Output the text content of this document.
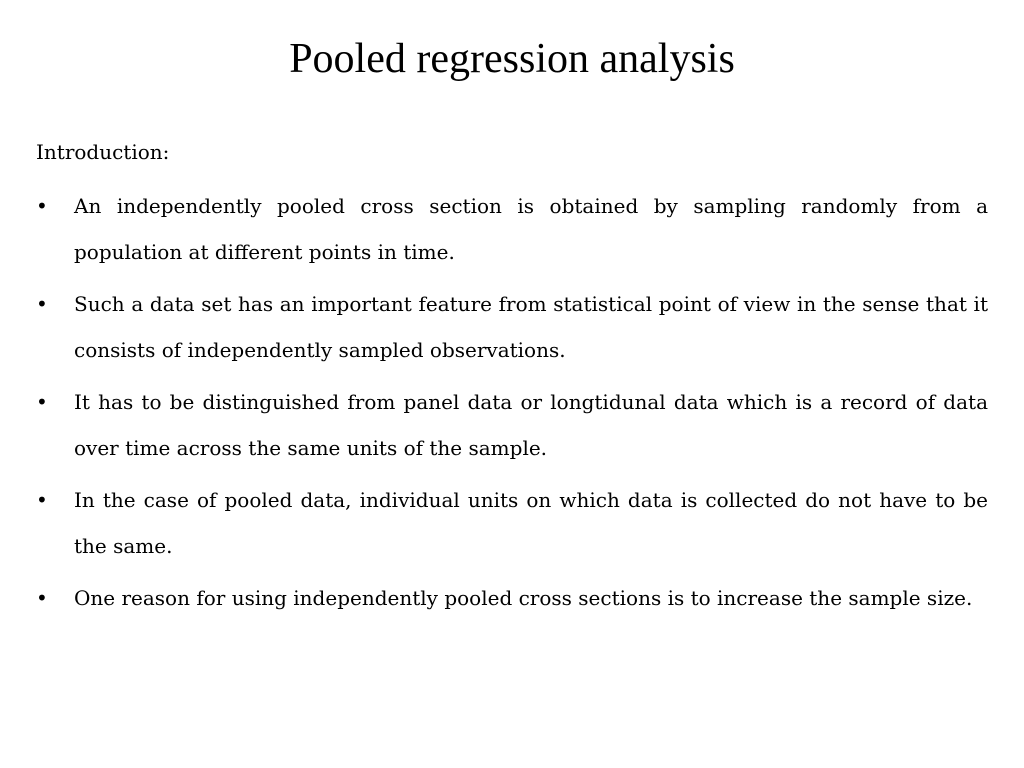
Pooled regression analysis
Introduction:
•	An independently pooled cross section is obtained by sampling randomly from a population at different points in time.
•	Such a data set has an important feature from statistical point of view in the sense that it consists of independently sampled observations.
•	It has to be distinguished from panel data or longtidunal data which is a record of data over time across the same units of the sample.
•	In the case of pooled data, individual units on which data is collected do not have to be the same.
•	One reason for using independently pooled cross sections is to increase the sample size.
